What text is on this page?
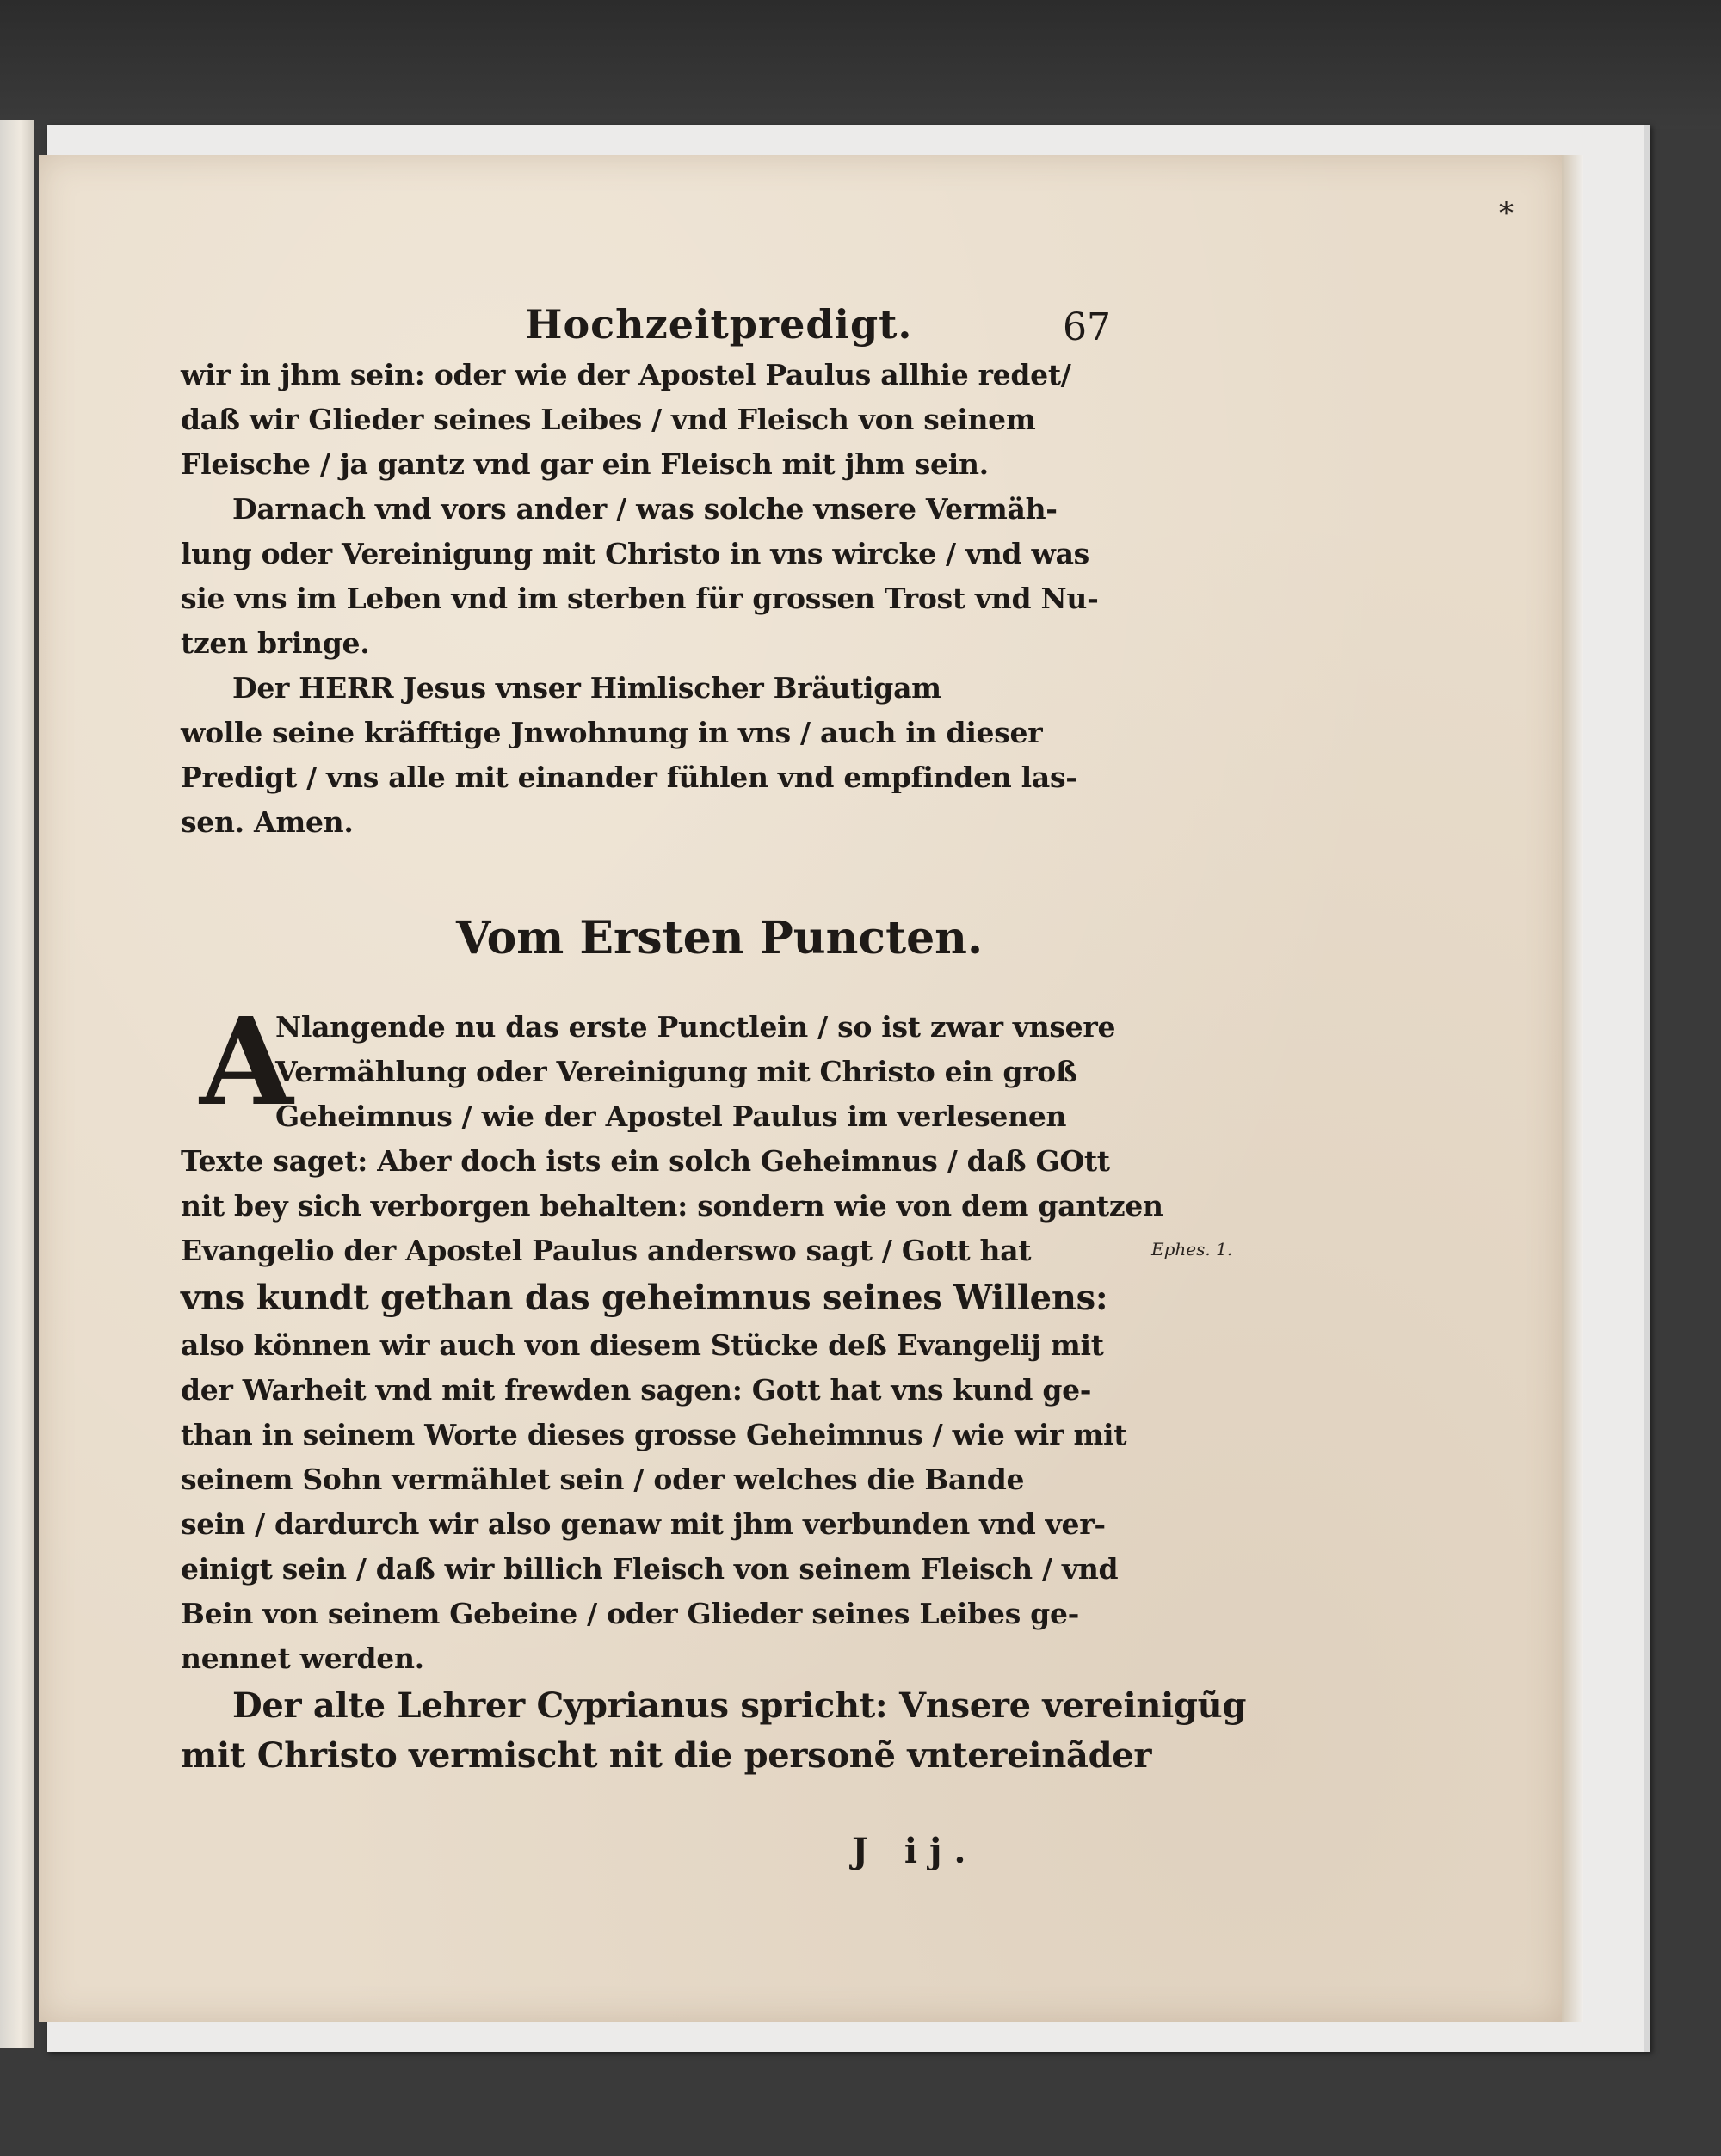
*
Hochzeitpredigt.	67
wir in jhm sein: oder wie der Apostel Paulus allhie redet/
daß wir Glieder seines Leibes / vnd Fleisch von seinem
Fleische / ja gantz vnd gar ein Fleisch mit jhm sein.
Darnach vnd vors ander / was solche vnsere Vermäh-
lung oder Vereinigung mit Christo in vns wircke / vnd was
sie vns im Leben vnd im sterben für grossen Trost vnd Nu-
tzen bringe.
Der HERR Jesus vnser Himlischer Bräutigam
wolle seine kräfftige Jnwohnung in vns / auch in dieser
Predigt / vns alle mit einander fühlen vnd empfinden las-
sen. Amen.
Vom Ersten Puncten.
A
Nlangende nu das erste Punctlein / so ist zwar vnsere
Vermählung oder Vereinigung mit Christo ein groß
Geheimnus / wie der Apostel Paulus im verlesenen
Texte saget: Aber doch ists ein solch Geheimnus / daß GOtt
nit bey sich verborgen behalten: sondern wie von dem gantzen
Evangelio der Apostel Paulus anderswo sagt / Gott hat
vns kundt gethan das geheimnus seines Willens:
also können wir auch von diesem Stücke deß Evangelij mit
der Warheit vnd mit frewden sagen: Gott hat vns kund ge-
than in seinem Worte dieses grosse Geheimnus / wie wir mit
seinem Sohn vermählet sein / oder welches die Bande
sein / dardurch wir also genaw mit jhm verbunden vnd ver-
einigt sein / daß wir billich Fleisch von seinem Fleisch / vnd
Bein von seinem Gebeine / oder Glieder seines Leibes ge-
nennet werden.
Der alte Lehrer Cyprianus spricht: Vnsere vereinigũg
mit Christo vermischt nit die personẽ vntereinãder
Ephes. 1.
J ij.
